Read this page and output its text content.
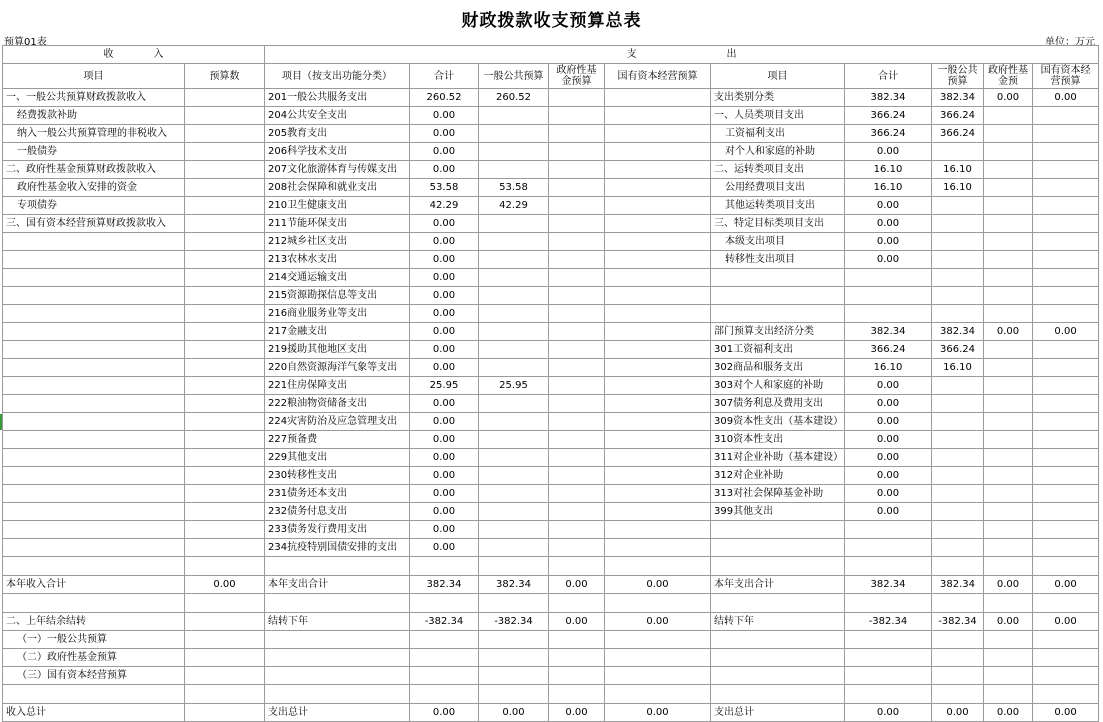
财政拨款收支预算总表
预算01表	单位：万元
收　　　　入		支　　　　　　　　　出									
项目	预算数	项目（按支出功能分类）	合计	一般公共预算	政府性基金预算	国有资本经营预算	项目	合计	一般公共预算	政府性基金预	国有资本经营预算
一、一般公共预算财政拨款收入		201一般公共服务支出	260.52	260.52			支出类别分类	382.34	382.34	0.00	0.00
经费拨款补助		204公共安全支出	0.00				一、人员类项目支出	366.24	366.24		
纳入一般公共预算管理的非税收入		205教育支出	0.00				工资福利支出	366.24	366.24		
一般债券		206科学技术支出	0.00				对个人和家庭的补助	0.00			
二、政府性基金预算财政拨款收入		207文化旅游体育与传媒支出	0.00				二、运转类项目支出	16.10	16.10		
政府性基金收入安排的资金		208社会保障和就业支出	53.58	53.58			公用经费项目支出	16.10	16.10		
专项债券		210卫生健康支出	42.29	42.29			其他运转类项目支出	0.00			
三、国有资本经营预算财政拨款收入		211节能环保支出	0.00				三、特定目标类项目支出	0.00			
		212城乡社区支出	0.00				本级支出项目	0.00			
		213农林水支出	0.00				转移性支出项目	0.00			
		214交通运输支出	0.00								
		215资源勘探信息等支出	0.00								
		216商业服务业等支出	0.00								
		217金融支出	0.00				部门预算支出经济分类	382.34	382.34	0.00	0.00
		219援助其他地区支出	0.00				301工资福利支出	366.24	366.24		
		220自然资源海洋气象等支出	0.00				302商品和服务支出	16.10	16.10		
		221住房保障支出	25.95	25.95			303对个人和家庭的补助	0.00			
		222粮油物资储备支出	0.00				307债务利息及费用支出	0.00			
		224灾害防治及应急管理支出	0.00				309资本性支出（基本建设）	0.00			
		227预备费	0.00				310资本性支出	0.00			
		229其他支出	0.00				311对企业补助（基本建设）	0.00			
		230转移性支出	0.00				312对企业补助	0.00			
		231债务还本支出	0.00				313对社会保障基金补助	0.00			
		232债务付息支出	0.00				399其他支出	0.00			
		233债务发行费用支出	0.00								
		234抗疫特别国债安排的支出	0.00								

本年收入合计	0.00	本年支出合计	382.34	382.34	0.00	0.00	本年支出合计	382.34	382.34	0.00	0.00

二、上年结余结转		结转下年	-382.34	-382.34	0.00	0.00	结转下年	-382.34	-382.34	0.00	0.00
（一）一般公共预算											
（二）政府性基金预算											
（三）国有资本经营预算											

收入总计		支出总计	0.00	0.00	0.00	0.00	支出总计	0.00	0.00	0.00	0.00
